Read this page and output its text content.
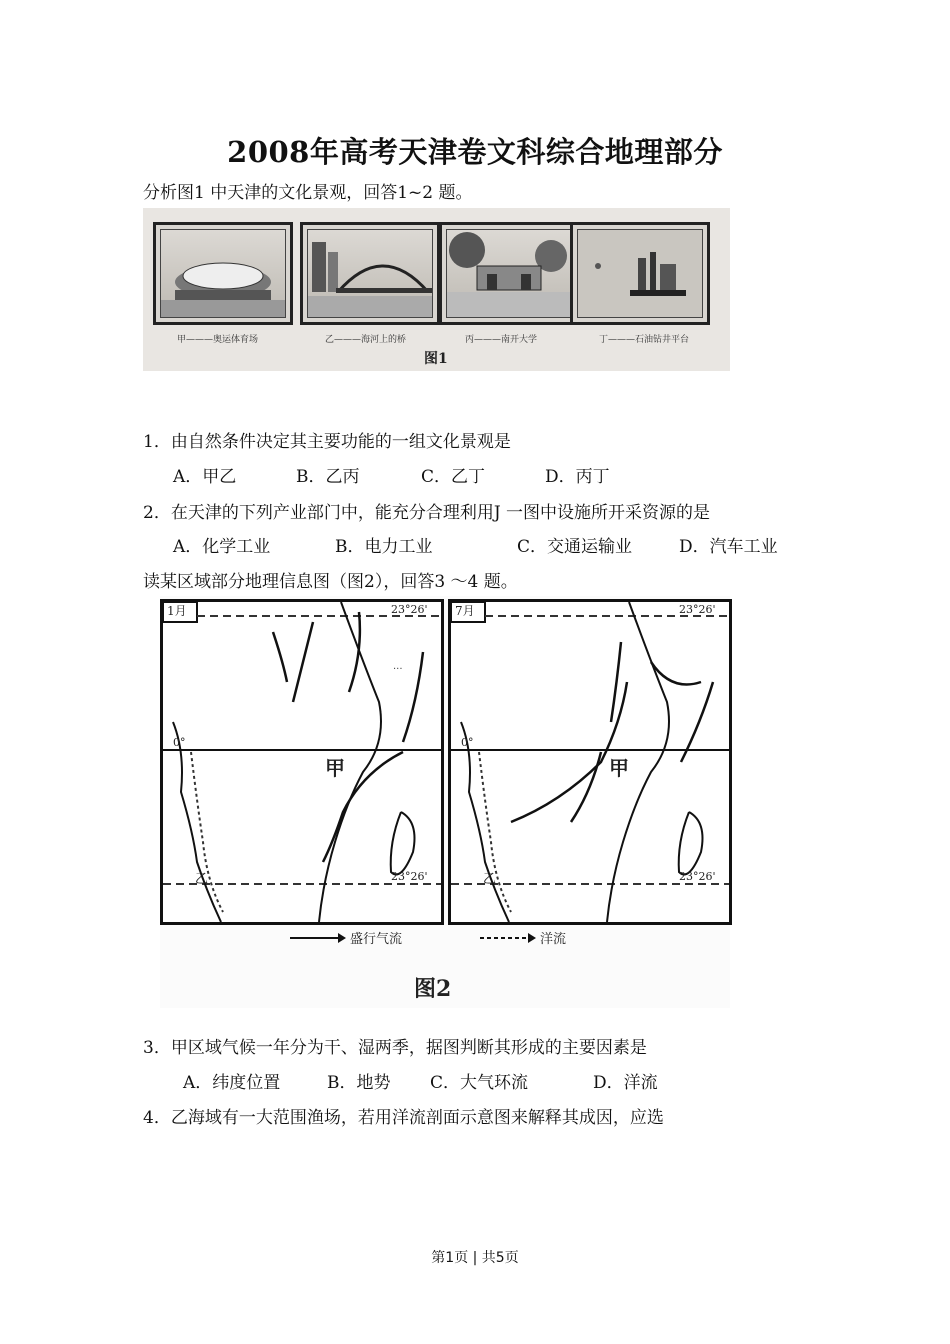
2008年高考天津卷文科综合地理部分
分析图1 中天津的文化景观，回答1~2 题。
甲———奥运体育场	乙———海河上的桥	丙———南开大学	丁———石油钻井平台
图1
1．由自然条件决定其主要功能的一组文化景观是
A．甲乙	B．乙丙	C．乙丁	D．丙丁
2．在天津的下列产业部门中，能充分合理利用J 一图中设施所开采资源的是
A．化学工业	B．电力工业	C．交通运输业	D．汽车工业
读某区域部分地理信息图（图2），回答3 ～4 题。
···
1月	23°26'
0°
甲
乙	23°26'
7月	23°26'
0°
甲
乙	23°26'
盛行气流	洋流
图2
3．甲区域气候一年分为干、湿两季，据图判断其形成的主要因素是
A．纬度位置	B．地势 C．大气环流	D．洋流
4．乙海域有一大范围渔场，若用洋流剖面示意图来解释其成因，应选
第1页 | 共5页
